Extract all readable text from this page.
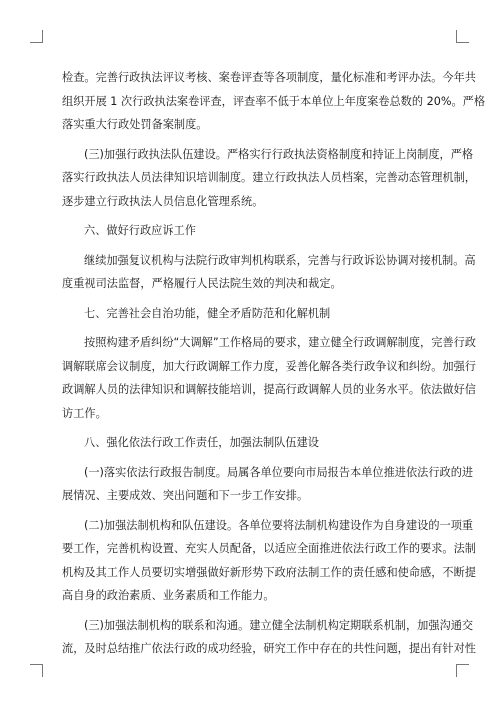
检查。完善行政执法评议考核、案卷评查等各项制度，量化标准和考评办法。今年共
组织开展 1 次行政执法案卷评查，评查率不低于本单位上年度案卷总数的 20%。严格
落实重大行政处罚备案制度。
(三)加强行政执法队伍建设。严格实行行政执法资格制度和持证上岗制度，严格
落实行政执法人员法律知识培训制度。建立行政执法人员档案，完善动态管理机制，
逐步建立行政执法人员信息化管理系统。
六、做好行政应诉工作
继续加强复议机构与法院行政审判机构联系，完善与行政诉讼协调对接机制。高
度重视司法监督，严格履行人民法院生效的判决和裁定。
七、完善社会自治功能，健全矛盾防范和化解机制
按照构建矛盾纠纷“大调解”工作格局的要求，建立健全行政调解制度，完善行政
调解联席会议制度，加大行政调解工作力度，妥善化解各类行政争议和纠纷。加强行
政调解人员的法律知识和调解技能培训，提高行政调解人员的业务水平。依法做好信
访工作。
八、强化依法行政工作责任，加强法制队伍建设
(一)落实依法行政报告制度。局属各单位要向市局报告本单位推进依法行政的进
展情况、主要成效、突出问题和下一步工作安排。
(二)加强法制机构和队伍建设。各单位要将法制机构建设作为自身建设的一项重
要工作，完善机构设置、充实人员配备，以适应全面推进依法行政工作的要求。法制
机构及其工作人员要切实增强做好新形势下政府法制工作的责任感和使命感，不断提
高自身的政治素质、业务素质和工作能力。
(三)加强法制机构的联系和沟通。建立健全法制机构定期联系机制，加强沟通交
流，及时总结推广依法行政的成功经验，研究工作中存在的共性问题，提出有针对性
